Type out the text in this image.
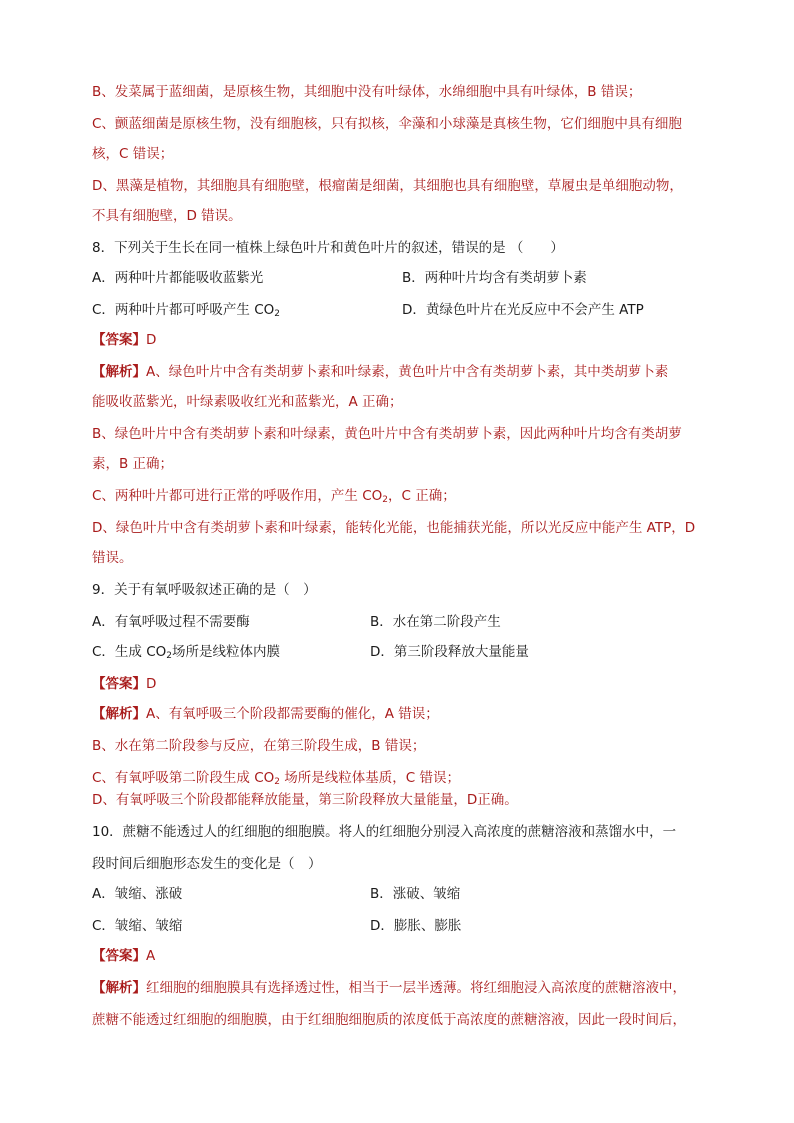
B、发菜属于蓝细菌，是原核生物，其细胞中没有叶绿体，水绵细胞中具有叶绿体，B 错误；
C、颤蓝细菌是原核生物，没有细胞核，只有拟核，伞藻和小球藻是真核生物，它们细胞中具有细胞
核，C 错误；
D、黑藻是植物，其细胞具有细胞壁，根瘤菌是细菌，其细胞也具有细胞壁，草履虫是单细胞动物，
不具有细胞壁，D 错误。
8．下列关于生长在同一植株上绿色叶片和黄色叶片的叙述，错误的是 （　　）
A．两种叶片都能吸收蓝紫光	B．两种叶片均含有类胡萝卜素
C．两种叶片都可呼吸产生 $CO_2$	D．黄绿色叶片在光反应中不会产生 ATP
【答案】D
【解析】A、绿色叶片中含有类胡萝卜素和叶绿素，黄色叶片中含有类胡萝卜素，其中类胡萝卜素
能吸收蓝紫光，叶绿素吸收红光和蓝紫光，A 正确；
B、绿色叶片中含有类胡萝卜素和叶绿素，黄色叶片中含有类胡萝卜素，因此两种叶片均含有类胡萝
素，B 正确；
C、两种叶片都可进行正常的呼吸作用，产生 $CO_2$，C 正确；
D、绿色叶片中含有类胡萝卜素和叶绿素，能转化光能，也能捕获光能，所以光反应中能产生 ATP，D
错误。
9．关于有氧呼吸叙述正确的是（　）
A．有氧呼吸过程不需要酶	B．水在第二阶段产生
C．生成 $CO_2$场所是线粒体内膜	D．第三阶段释放大量能量
【答案】D
【解析】A、有氧呼吸三个阶段都需要酶的催化，A 错误；
B、水在第二阶段参与反应，在第三阶段生成，B 错误；
C、有氧呼吸第二阶段生成 $CO_2$ 场所是线粒体基质，C 错误；
D、有氧呼吸三个阶段都能释放能量，第三阶段释放大量能量，D正确。
10．蔗糖不能透过人的红细胞的细胞膜。将人的红细胞分别浸入高浓度的蔗糖溶液和蒸馏水中，一
段时间后细胞形态发生的变化是（　）
A．皱缩、涨破	B．涨破、皱缩
C．皱缩、皱缩	D．膨胀、膨胀
【答案】A
【解析】红细胞的细胞膜具有选择透过性，相当于一层半透薄。将红细胞浸入高浓度的蔗糖溶液中，
蔗糖不能透过红细胞的细胞膜，由于红细胞细胞质的浓度低于高浓度的蔗糖溶液，因此一段时间后，
